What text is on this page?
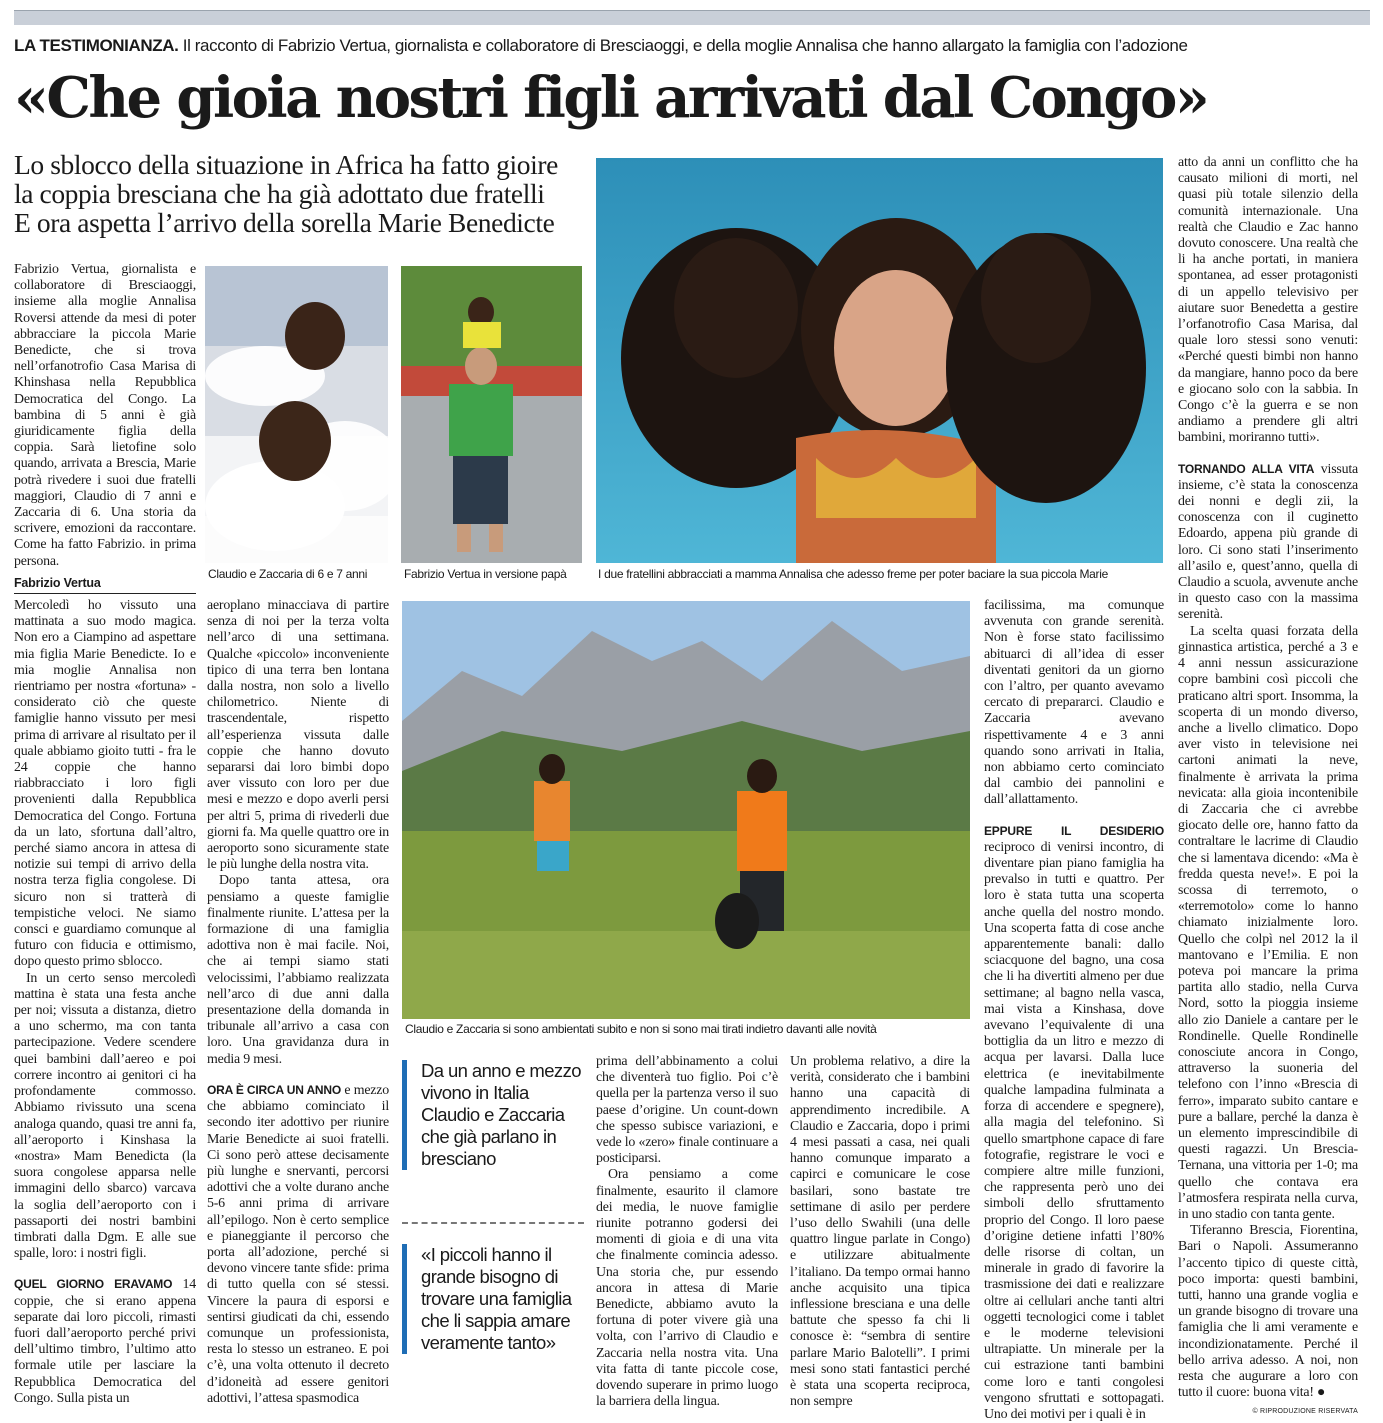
LA TESTIMONIANZA. Il racconto di Fabrizio Vertua, giornalista e collaboratore di Bresciaoggi, e della moglie Annalisa che hanno allargato la famiglia con l’adozione
«Che gioia nostri figli arrivati dal Congo»
Lo sblocco della situazione in Africa ha fatto gioire
la coppia bresciana che ha già adottato due fratelli
E ora aspetta l’arrivo della sorella Marie Benedicte

Fabrizio Vertua, giornalista e collaboratore di Bresciaoggi, insieme alla moglie Annalisa Roversi attende da mesi di poter abbracciare la piccola Marie Benedicte, che si trova nell’orfanotrofio Casa Marisa di Khinshasa nella Repubblica Democratica del Congo. La bambina di 5 anni è già giuridicamente figlia della coppia. Sarà lietofine solo quando, arrivata a Brescia, Marie potrà rivedere i suoi due fratelli maggiori, Claudio di 7 anni e Zaccaria di 6. Una storia da scrivere, emozioni da raccontare. Come ha fatto Fabrizio. in prima persona.

Fabrizio Vertua
Claudio e Zaccaria di 6 e 7 anni	Fabrizio Vertua in versione papà	I due fratellini abbracciati a mamma Annalisa che adesso freme per poter baciare la sua piccola Marie

atto da anni un conflitto che ha causato milioni di morti, nel quasi più totale silenzio della comunità internazionale. Una realtà che Claudio e Zac hanno dovuto conoscere. Una realtà che li ha anche portati, in maniera spontanea, ad esser protagonisti di un appello televisivo per aiutare suor Benedetta a gestire l’orfanotrofio Casa Marisa, dal quale loro stessi sono venuti: «Perché questi bimbi non hanno da mangiare, hanno poco da bere e giocano solo con la sabbia. In Congo c’è la guerra e se non andiamo a prendere gli altri bambini, moriranno tutti».

TORNANDO ALLA VITA vissuta insieme, c’è stata la conoscenza dei nonni e degli zii, la conoscenza con il cuginetto Edoardo, appena più grande di loro. Ci sono stati l’inserimento all’asilo e, quest’anno, quella di Claudio a scuola, avvenute anche in questo caso con la massima serenità.

La scelta quasi forzata della ginnastica artistica, perché a 3 e 4 anni nessun assicurazione copre bambini così piccoli che praticano altri sport. Insomma, la scoperta di un mondo diverso, anche a livello climatico. Dopo aver visto in televisione nei cartoni animati la neve, finalmente è arrivata la prima nevicata: alla gioia incontenibile di Zaccaria che ci avrebbe giocato delle ore, hanno fatto da contraltare le lacrime di Claudio che si lamentava dicendo: «Ma è fredda questa neve!». E poi la scossa di terremoto, o «terremotolo» come lo hanno chiamato inizialmente loro. Quello che colpì nel 2012 la il mantovano e l’Emilia. E non poteva poi mancare la prima partita allo stadio, nella Curva Nord, sotto la pioggia insieme allo zio Daniele a cantare per le Rondinelle. Quelle Rondinelle conosciute ancora in Congo, attraverso la suoneria del telefono con l’inno «Brescia di ferro», imparato subito cantare e pure a ballare, perché la danza è un elemento imprescindibile di questi ragazzi. Un Brescia-Ternana, una vittoria per 1-0; ma quello che contava era l’atmosfera respirata nella curva, in uno stadio con tanta gente.

Tiferanno Brescia, Fiorentina, Bari o Napoli. Assumeranno l’accento tipico di queste città, poco importa: questi bambini, tutti, hanno una grande voglia e un grande bisogno di trovare una famiglia che li ami veramente e incondizionatamente. Perché il bello arriva adesso. A noi, non resta che augurare a loro con tutto il cuore: buona vita! ●

© RIPRODUZIONE RISERVATA

Mercoledì ho vissuto una mattinata a suo modo magica. Non ero a Ciampino ad aspettare mia figlia Marie Benedicte. Io e mia moglie Annalisa non rientriamo per nostra «fortuna» - considerato ciò che queste famiglie hanno vissuto per mesi prima di arrivare al risultato per il quale abbiamo gioito tutti - fra le 24 coppie che hanno riabbracciato i loro figli provenienti dalla Repubblica Democratica del Congo. Fortuna da un lato, sfortuna dall’altro, perché siamo ancora in attesa di notizie sui tempi di arrivo della nostra terza figlia congolese. Di sicuro non si tratterà di tempistiche veloci. Ne siamo consci e guardiamo comunque al futuro con fiducia e ottimismo, dopo questo primo sblocco.

In un certo senso mercoledì mattina è stata una festa anche per noi; vissuta a distanza, dietro a uno schermo, ma con tanta partecipazione. Vedere scendere quei bambini dall’aereo e poi correre incontro ai genitori ci ha profondamente commosso. Abbiamo rivissuto una scena analoga quando, quasi tre anni fa, all’aeroporto i Kinshasa la «nostra» Mam Benedicta (la suora congolese apparsa nelle immagini dello sbarco) varcava la soglia dell’aeroporto con i passaporti dei nostri bambini timbrati dalla Dgm. E alle sue spalle, loro: i nostri figli.

QUEL GIORNO ERAVAMO 14 coppie, che si erano appena separate dai loro piccoli, rimasti fuori dall’aeroporto perché privi dell’ultimo timbro, l’ultimo atto formale utile per lasciare la Repubblica Democratica del Congo. Sulla pista un

aeroplano minacciava di partire senza di noi per la terza volta nell’arco di una settimana. Qualche «piccolo» inconveniente tipico di una terra ben lontana dalla nostra, non solo a livello chilometrico. Niente di trascendentale, rispetto all’esperienza vissuta dalle coppie che hanno dovuto separarsi dai loro bimbi dopo aver vissuto con loro per due mesi e mezzo e dopo averli persi per altri 5, prima di rivederli due giorni fa. Ma quelle quattro ore in aeroporto sono sicuramente state le più lunghe della nostra vita.

Dopo tanta attesa, ora pensiamo a queste famiglie finalmente riunite. L’attesa per la formazione di una famiglia adottiva non è mai facile. Noi, che ai tempi siamo stati velocissimi, l’abbiamo realizzata nell’arco di due anni dalla presentazione della domanda in tribunale all’arrivo a casa con loro. Una gravidanza dura in media 9 mesi.

ORA È CIRCA UN ANNO e mezzo che abbiamo cominciato il secondo iter adottivo per riunire Marie Benedicte ai suoi fratelli. Ci sono però attese decisamente più lunghe e snervanti, percorsi adottivi che a volte durano anche 5-6 anni prima di arrivare all’epilogo. Non è certo semplice e pianeggiante il percorso che porta all’adozione, perché si devono vincere tante sfide: prima di tutto quella con sé stessi. Vincere la paura di esporsi e sentirsi giudicati da chi, essendo comunque un professionista, resta lo stesso un estraneo. E poi c’è, una volta ottenuto il decreto d’idoneità ad essere genitori adottivi, l’attesa spasmodica

Claudio e Zaccaria si sono ambientati subito e non si sono mai tirati indietro davanti alle novità
Da un anno e mezzo vivono in Italia Claudio e Zaccaria che già parlano in bresciano
«I piccoli hanno il grande bisogno di trovare una famiglia che li sappia amare veramente tanto»

prima dell’abbinamento a colui che diventerà tuo figlio. Poi c’è quella per la partenza verso il suo paese d’origine. Un count-down che spesso subisce variazioni, e vede lo «zero» finale continuare a posticiparsi.

Ora pensiamo a come finalmente, esaurito il clamore dei media, le nuove famiglie riunite potranno godersi dei momenti di gioia e di una vita che finalmente comincia adesso. Una storia che, pur essendo ancora in attesa di Marie Benedicte, abbiamo avuto la fortuna di poter vivere già una volta, con l’arrivo di Claudio e Zaccaria nella nostra vita. Una vita fatta di tante piccole cose, dovendo superare in primo luogo la barriera della lingua.

Un problema relativo, a dire la verità, considerato che i bambini hanno una capacità di apprendimento incredibile. A Claudio e Zaccaria, dopo i primi 4 mesi passati a casa, nei quali hanno comunque imparato a capirci e comunicare le cose basilari, sono bastate tre settimane di asilo per perdere l’uso dello Swahili (una delle quattro lingue parlate in Congo) e utilizzare abitualmente l’italiano. Da tempo ormai hanno anche acquisito una tipica inflessione bresciana e una delle battute che spesso fa chi li conosce è: “sembra di sentire parlare Mario Balotelli”. I primi mesi sono stati fantastici perché è stata una scoperta reciproca, non sempre

facilissima, ma comunque avvenuta con grande serenità. Non è forse stato facilissimo abituarci di all’idea di esser diventati genitori da un giorno con l’altro, per quanto avevamo cercato di prepararci. Claudio e Zaccaria avevano rispettivamente 4 e 3 anni quando sono arrivati in Italia, non abbiamo certo cominciato dal cambio dei pannolini e dall’allattamento.

EPPURE IL DESIDERIO reciproco di venirsi incontro, di diventare pian piano famiglia ha prevalso in tutti e quattro. Per loro è stata tutta una scoperta anche quella del nostro mondo. Una scoperta fatta di cose anche apparentemente banali: dallo sciacquone del bagno, una cosa che li ha divertiti almeno per due settimane; al bagno nella vasca, mai vista a Kinshasa, dove avevano l’equivalente di una bottiglia da un litro e mezzo di acqua per lavarsi. Dalla luce elettrica (e inevitabilmente qualche lampadina fulminata a forza di accendere e spegnere), alla magia del telefonino. Sì quello smartphone capace di fare fotografie, registrare le voci e compiere altre mille funzioni, che rappresenta però uno dei simboli dello sfruttamento proprio del Congo. Il loro paese d’origine detiene infatti l’80% delle risorse di coltan, un minerale in grado di favorire la trasmissione dei dati e realizzare oltre ai cellulari anche tanti altri oggetti tecnologici come i tablet e le moderne televisioni ultrapiatte. Un minerale per la cui estrazione tanti bambini come loro e tanti congolesi vengono sfruttati e sottopagati. Uno dei motivi per i quali è in
